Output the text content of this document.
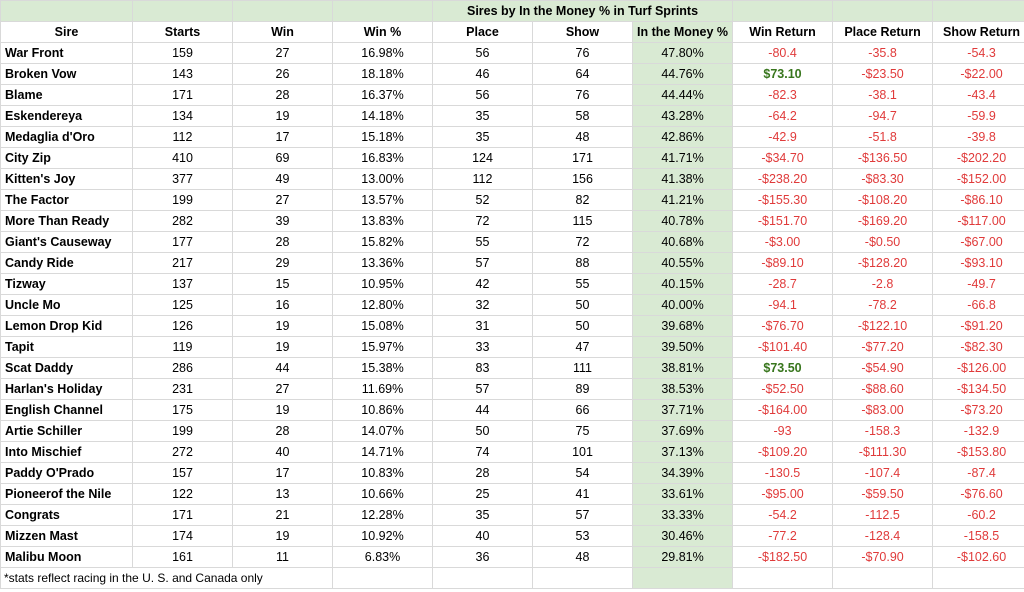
				Sires by In the Money % in Turf Sprints					
Sire	Starts	Win	Win %	Place	Show	In the Money %	Win Return	Place Return	Show Return
War Front	159	27	16.98%	56	76	47.80%	-80.4	-35.8	-54.3
Broken Vow	143	26	18.18%	46	64	44.76%	$73.10	-$23.50	-$22.00
Blame	171	28	16.37%	56	76	44.44%	-82.3	-38.1	-43.4
Eskendereya	134	19	14.18%	35	58	43.28%	-64.2	-94.7	-59.9
Medaglia d'Oro	112	17	15.18%	35	48	42.86%	-42.9	-51.8	-39.8
City Zip	410	69	16.83%	124	171	41.71%	-$34.70	-$136.50	-$202.20
Kitten's Joy	377	49	13.00%	112	156	41.38%	-$238.20	-$83.30	-$152.00
The Factor	199	27	13.57%	52	82	41.21%	-$155.30	-$108.20	-$86.10
More Than Ready	282	39	13.83%	72	115	40.78%	-$151.70	-$169.20	-$117.00
Giant's Causeway	177	28	15.82%	55	72	40.68%	-$3.00	-$0.50	-$67.00
Candy Ride	217	29	13.36%	57	88	40.55%	-$89.10	-$128.20	-$93.10
Tizway	137	15	10.95%	42	55	40.15%	-28.7	-2.8	-49.7
Uncle Mo	125	16	12.80%	32	50	40.00%	-94.1	-78.2	-66.8
Lemon Drop Kid	126	19	15.08%	31	50	39.68%	-$76.70	-$122.10	-$91.20
Tapit	119	19	15.97%	33	47	39.50%	-$101.40	-$77.20	-$82.30
Scat Daddy	286	44	15.38%	83	111	38.81%	$73.50	-$54.90	-$126.00
Harlan's Holiday	231	27	11.69%	57	89	38.53%	-$52.50	-$88.60	-$134.50
English Channel	175	19	10.86%	44	66	37.71%	-$164.00	-$83.00	-$73.20
Artie Schiller	199	28	14.07%	50	75	37.69%	-93	-158.3	-132.9
Into Mischief	272	40	14.71%	74	101	37.13%	-$109.20	-$111.30	-$153.80
Paddy O'Prado	157	17	10.83%	28	54	34.39%	-130.5	-107.4	-87.4
Pioneerof the Nile	122	13	10.66%	25	41	33.61%	-$95.00	-$59.50	-$76.60
Congrats	171	21	12.28%	35	57	33.33%	-54.2	-112.5	-60.2
Mizzen Mast	174	19	10.92%	40	53	30.46%	-77.2	-128.4	-158.5
Malibu Moon	161	11	6.83%	36	48	29.81%	-$182.50	-$70.90	-$102.60
*stats reflect racing in the U. S. and Canada only									
